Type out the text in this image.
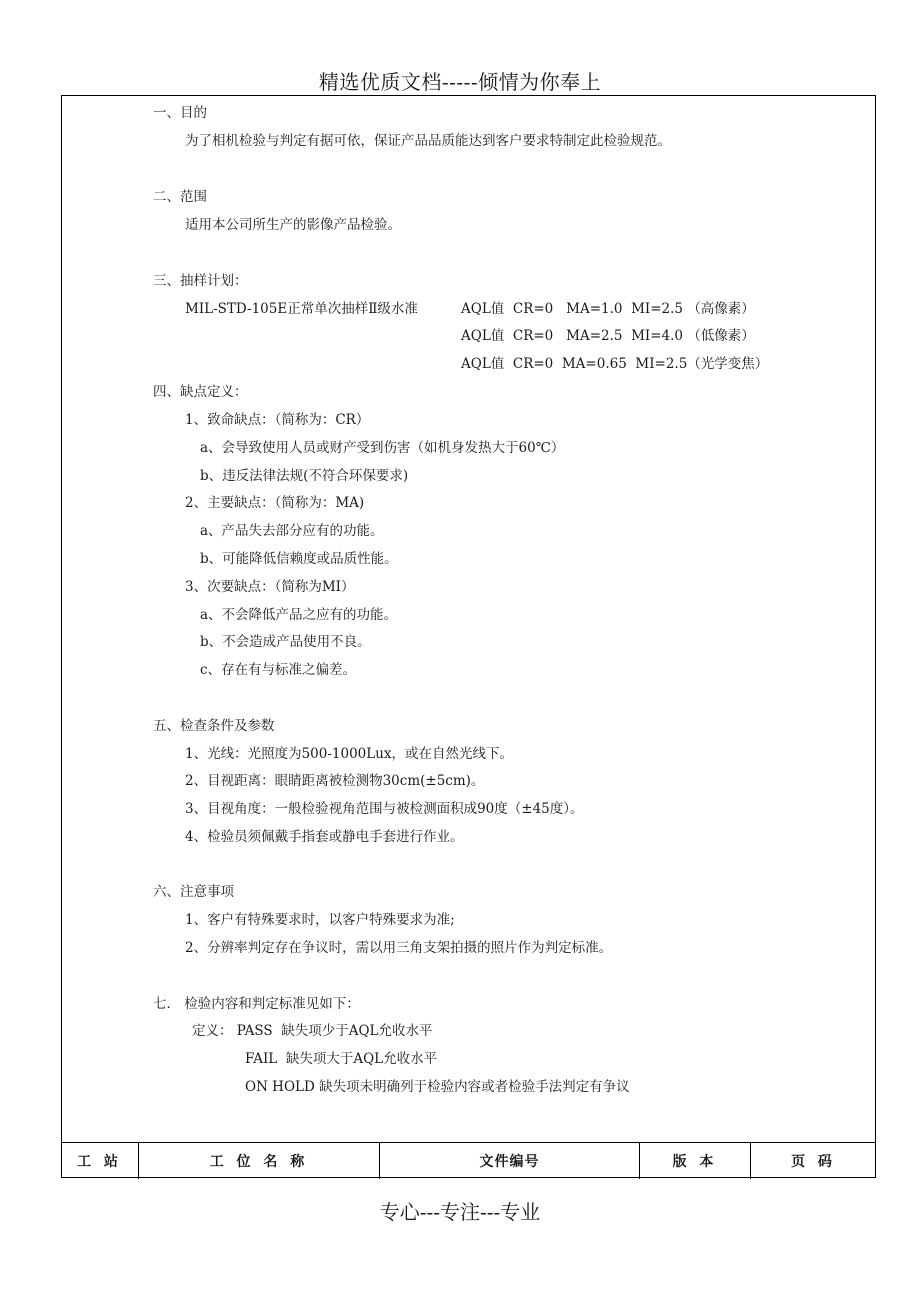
精选优质文档-----倾情为你奉上
一、目的
为了相机检验与判定有据可依，保证产品品质能达到客户要求特制定此检验规范。
二、范围
适用本公司所生产的影像产品检验。
三、抽样计划：
MIL-STD-105E正常单次抽样Ⅱ级水准	AQL值  CR=0   MA=1.0  MI=2.5 （高像素）
AQL值  CR=0   MA=2.5  MI=4.0 （低像素）
AQL值  CR=0  MA=0.65  MI=2.5（光学变焦）
四、缺点定义：
1、致命缺点：（简称为：CR）
a、会导致使用人员或财产受到伤害（如机身发热大于60℃）
b、违反法律法规(不符合环保要求)
2、主要缺点：（简称为：MA)
a、产品失去部分应有的功能。
b、可能降低信赖度或品质性能。
3、次要缺点：（简称为MI）
a、不会降低产品之应有的功能。
b、不会造成产品使用不良。
c、存在有与标准之偏差。
五、检查条件及参数
1、光线：光照度为500-1000Lux，或在自然光线下。
2、目视距离：眼睛距离被检测物30cm(±5cm)。
3、目视角度：一般检验视角范围与被检测面积成90度（±45度）。
4、检验员须佩戴手指套或静电手套进行作业。
六、注意事项
1、客户有特殊要求时，以客户特殊要求为准;
2、分辨率判定存在争议时，需以用三角支架拍摄的照片作为判定标准。
七． 检验内容和判定标准见如下：
定义： PASS  缺失项少于AQL允收水平
FAIL  缺失项大于AQL允收水平
ON HOLD 缺失项未明确列于检验内容或者检验手法判定有争议
工 站	工 位 名 称	文件编号	版 本	页 码
专心---专注---专业
